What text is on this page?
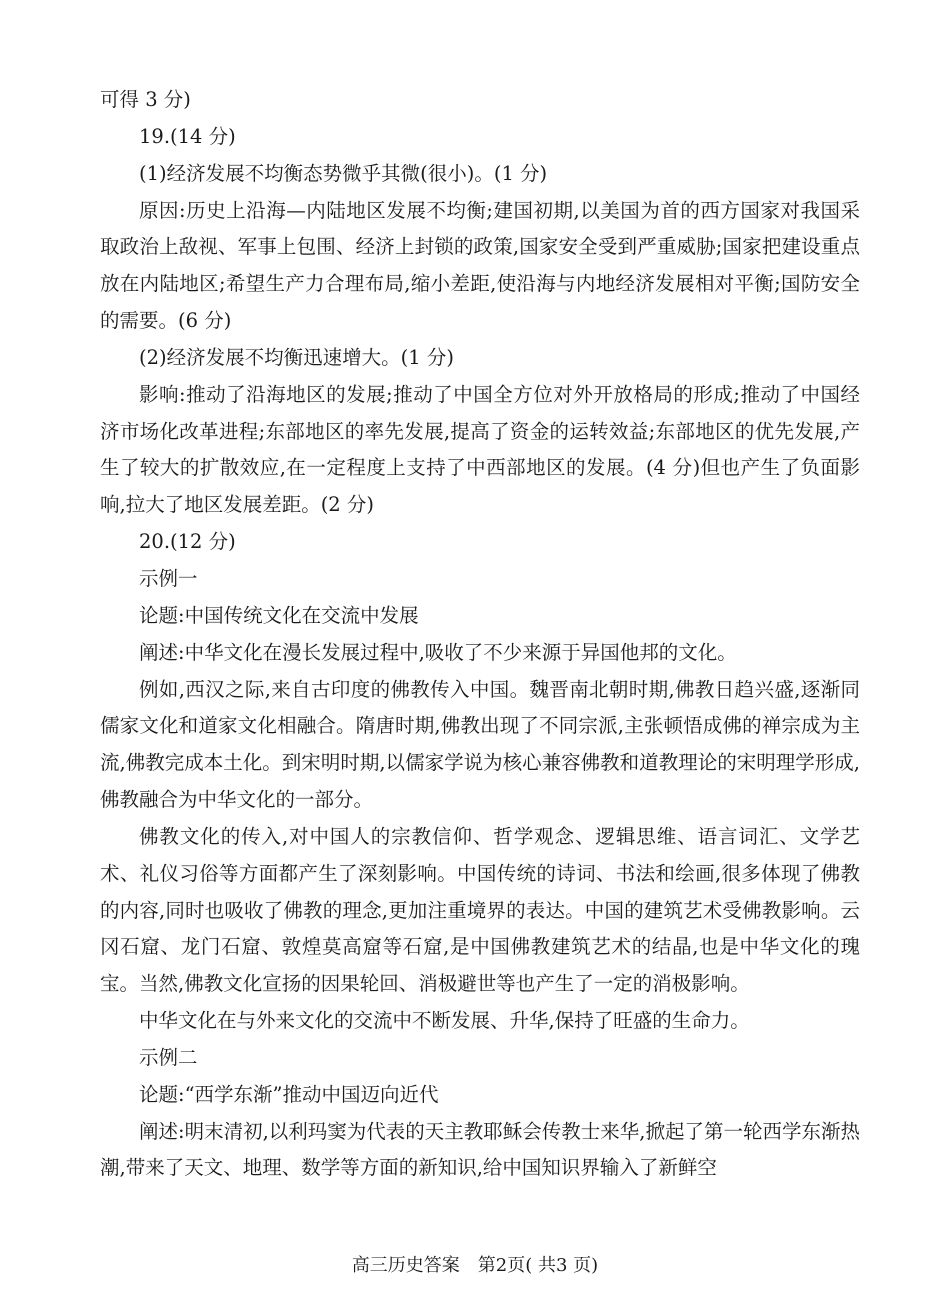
可得 3 分)

19.(14 分)

(1)经济发展不均衡态势微乎其微(很小)。(1 分)

原因:历史上沿海—内陆地区发展不均衡;建国初期,以美国为首的西方国家对我国采取政治上敌视、军事上包围、经济上封锁的政策,国家安全受到严重威胁;国家把建设重点放在内陆地区;希望生产力合理布局,缩小差距,使沿海与内地经济发展相对平衡;国防安全的需要。(6 分)

(2)经济发展不均衡迅速增大。(1 分)

影响:推动了沿海地区的发展;推动了中国全方位对外开放格局的形成;推动了中国经济市场化改革进程;东部地区的率先发展,提高了资金的运转效益;东部地区的优先发展,产生了较大的扩散效应,在一定程度上支持了中西部地区的发展。(4 分)但也产生了负面影响,拉大了地区发展差距。(2 分)

20.(12 分)

示例一

论题:中国传统文化在交流中发展

阐述:中华文化在漫长发展过程中,吸收了不少来源于异国他邦的文化。

例如,西汉之际,来自古印度的佛教传入中国。魏晋南北朝时期,佛教日趋兴盛,逐渐同儒家文化和道家文化相融合。隋唐时期,佛教出现了不同宗派,主张顿悟成佛的禅宗成为主流,佛教完成本土化。到宋明时期,以儒家学说为核心兼容佛教和道教理论的宋明理学形成,佛教融合为中华文化的一部分。

佛教文化的传入,对中国人的宗教信仰、哲学观念、逻辑思维、语言词汇、文学艺术、礼仪习俗等方面都产生了深刻影响。中国传统的诗词、书法和绘画,很多体现了佛教的内容,同时也吸收了佛教的理念,更加注重境界的表达。中国的建筑艺术受佛教影响。云冈石窟、龙门石窟、敦煌莫高窟等石窟,是中国佛教建筑艺术的结晶,也是中华文化的瑰宝。当然,佛教文化宣扬的因果轮回、消极避世等也产生了一定的消极影响。

中华文化在与外来文化的交流中不断发展、升华,保持了旺盛的生命力。

示例二

论题:“西学东渐”推动中国迈向近代

阐述:明末清初,以利玛窦为代表的天主教耶稣会传教士来华,掀起了第一轮西学东渐热潮,带来了天文、地理、数学等方面的新知识,给中国知识界输入了新鲜空

高三历史答案　第2页( 共3 页)
